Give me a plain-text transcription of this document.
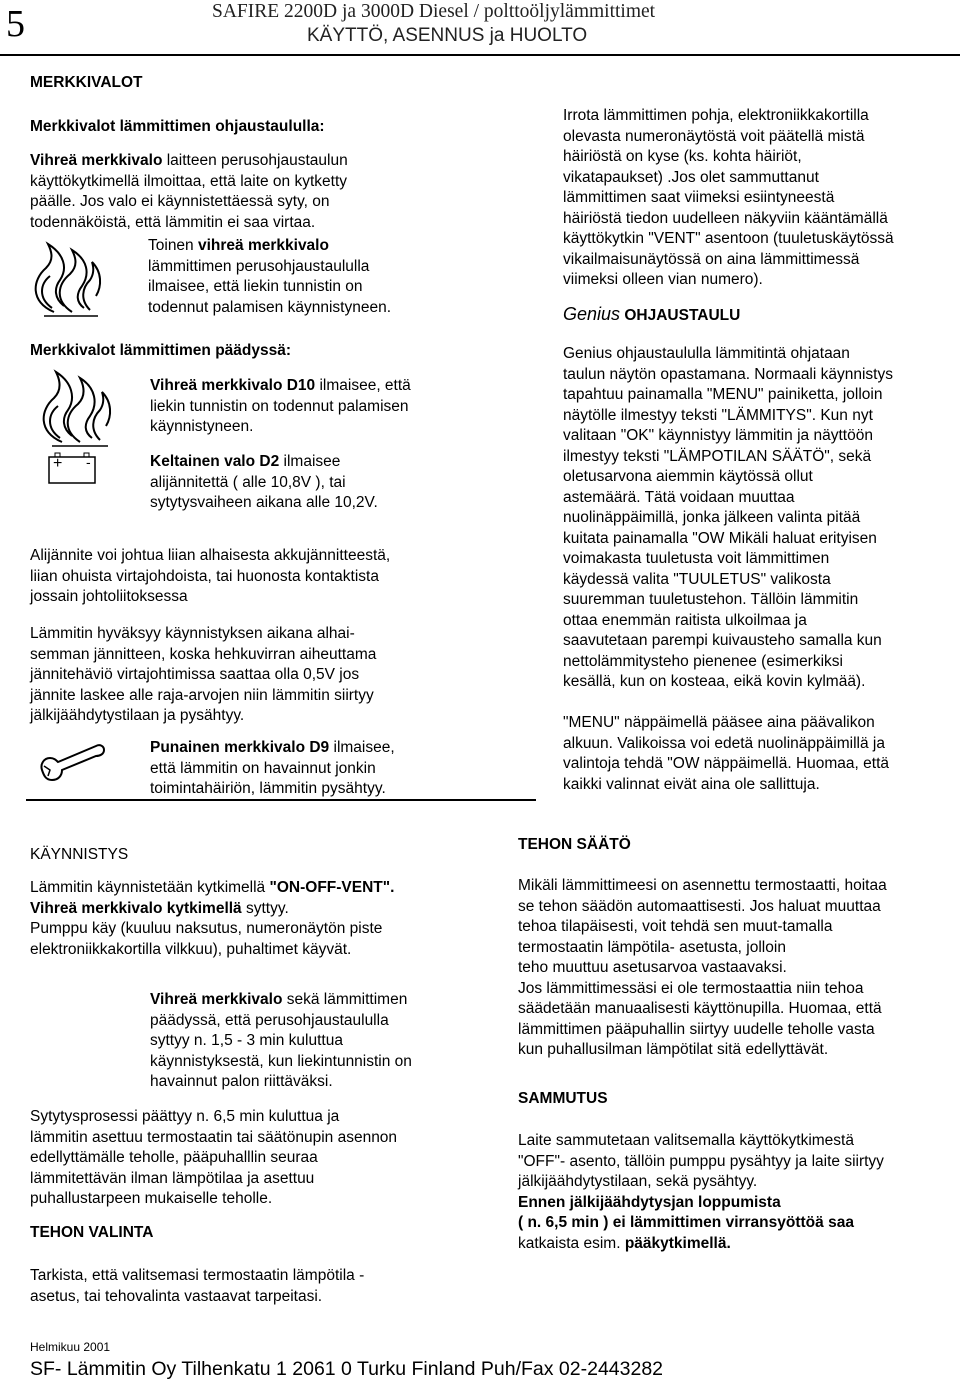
5	SAFIRE 2200D ja 3000D Diesel / polttoöljylämmittimet
KÄYTTÖ, ASENNUS ja HUOLTO
MERKKIVALOT
Merkkivalot lämmittimen ohjaustaululla:
Vihreä merkkivalo laitteen perusohjaustaulun
käyttökytkimellä ilmoittaa, että laite on kytketty
päälle. Jos valo ei käynnistettäessä syty, on
todennäköistä, että lämmitin ei saa virtaa.
Toinen vihreä merkkivalo
lämmittimen perusohjaustaululla
ilmaisee, että liekin tunnistin on
todennut palamisen käynnistyneen.
Merkkivalot lämmittimen päädyssä:
Vihreä merkkivalo D10 ilmaisee, että
liekin tunnistin on todennut palamisen
käynnistyneen.
+ -	Keltainen valo D2 ilmaisee
alijännitettä ( alle 10,8V ), tai
sytytysvaiheen aikana alle 10,2V.
Alijännite voi johtua liian alhaisesta akkujännitteestä,
liian ohuista virtajohdoista, tai huonosta kontaktista
jossain johtoliitoksessa
Lämmitin hyväksyy käynnistyksen aikana alhai-
semman jännitteen, koska hehkuvirran aiheuttama
jännitehäviö virtajohtimissa saattaa olla 0,5V jos
jännite laskee alle raja-arvojen niin lämmitin siirtyy
jälkijäähdytystilaan ja pysähtyy.
Punainen merkkivalo D9 ilmaisee,
että lämmitin on havainnut jonkin
toimintahäiriön, lämmitin pysähtyy.
Irrota lämmittimen pohja, elektroniikkakortilla
olevasta numeronäytöstä voit päätellä mistä
häiriöstä on kyse (ks. kohta häiriöt,
vikatapaukset) .Jos olet sammuttanut
lämmittimen saat viimeksi esiintyneestä
häiriöstä tiedon uudelleen näkyviin kääntämällä
käyttökytkin "VENT" asentoon (tuuletuskäytössä
vikailmaisunäytössä on aina lämmittimessä
viimeksi olleen vian numero).
Genius OHJAUSTAULU
Genius ohjaustaululla lämmitintä ohjataan
taulun näytön opastamana. Normaali käynnistys
tapahtuu painamalla "MENU" painiketta, jolloin
näytölle ilmestyy teksti "LÄMMITYS". Kun nyt
valitaan "OK" käynnistyy lämmitin ja näyttöön
ilmestyy teksti "LÄMPOTILAN SÄÄTÖ", sekä
oletusarvona aiemmin käytössä ollut
astemäärä. Tätä voidaan muuttaa
nuolinäppäimillä, jonka jälkeen valinta pitää
kuitata painamalla "OW Mikäli haluat erityisen
voimakasta tuuletusta voit lämmittimen
käydessä valita "TUULETUS" valikosta
suuremman tuuletustehon. Tällöin lämmitin
ottaa enemmän raitista ulkoilmaa ja
saavutetaan parempi kuivausteho samalla kun
nettolämmitysteho pienenee (esimerkiksi
kesällä, kun on kosteaa, eikä kovin kylmää).
"MENU" näppäimellä pääsee aina päävalikon
alkuun. Valikoissa voi edetä nuolinäppäimillä ja
valintoja tehdä "OW näppäimellä. Huomaa, että
kaikki valinnat eivät aina ole sallittuja.
KÄYNNISTYS
Lämmitin käynnistetään kytkimellä "ON-OFF-VENT".
Vihreä merkkivalo kytkimellä syttyy.
Pumppu käy (kuuluu naksutus, numeronäytön piste
elektroniikkakortilla vilkkuu), puhaltimet käyvät.
Vihreä merkkivalo sekä lämmittimen
päädyssä, että perusohjaustaululla
syttyy n. 1,5 - 3 min kuluttua
käynnistyksestä, kun liekintunnistin on
havainnut palon riittäväksi.
Sytytysprosessi päättyy n. 6,5 min kuluttua ja
lämmitin asettuu termostaatin tai säätönupin asennon
edellyttämälle teholle, pääpuhalllin seuraa
lämmitettävän ilman lämpötilaa ja asettuu
puhallustarpeen mukaiselle teholle.
TEHON VALINTA
Tarkista, että valitsemasi termostaatin lämpötila -
asetus, tai tehovalinta vastaavat tarpeitasi.
TEHON SÄÄTÖ
Mikäli lämmittimeesi on asennettu termostaatti, hoitaa
se tehon säädön automaattisesti. Jos haluat muuttaa
tehoa tilapäisesti, voit tehdä sen muut-tamalla
termostaatin lämpötila- asetusta, jolloin
teho muuttuu asetusarvoa vastaavaksi.
Jos lämmittimessäsi ei ole termostaattia niin tehoa
säädetään manuaalisesti käyttönupilla. Huomaa, että
lämmittimen pääpuhallin siirtyy uudelle teholle vasta
kun puhallusilman lämpötilat sitä edellyttävät.
SAMMUTUS
Laite sammutetaan valitsemalla käyttökytkimestä
"OFF"- asento, tällöin pumppu pysähtyy ja laite siirtyy
jälkijäähdytystilaan, sekä pysähtyy.
Ennen jälkijäähdytysjan loppumista
( n. 6,5 min ) ei lämmittimen virransyöttöä saa
katkaista esim. pääkytkimellä.
Helmikuu 2001
SF- Lämmitin Oy Tilhenkatu 1 2061 0 Turku Finland Puh/Fax 02-2443282
